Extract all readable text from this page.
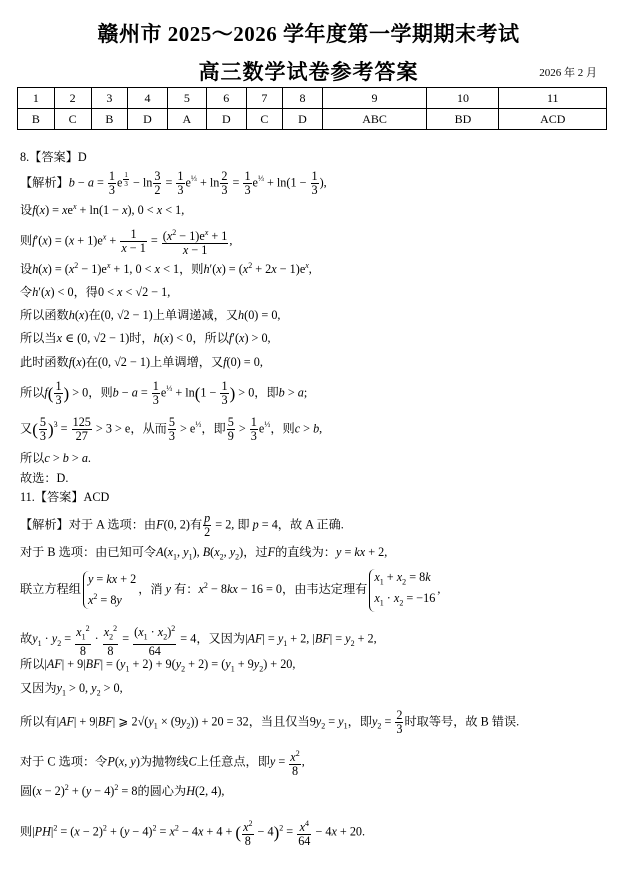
赣州市 2025～2026 学年度第一学期期末考试
高三数学试卷参考答案	2026 年 2 月
1	2	3	4	5	6	7	8	9	10	11
B	C	B	D	A	D	C	D	ABC	BD	ACD
8.【答案】D
【解析】$b - a = \frac{1}{3}$ e $^{\frac{1}{3}} - \ln \frac{3}{2} = \frac{1}{3} e^{\frac{1}{3}} + \ln \frac{2}{3} = \frac{1}{3} e^{\frac{1}{3}} + \ln(1 - \frac{1}{3}$ ),
设$f(x) = xe^x + \ln(1 - x)$, 0 < x < 1,
则$f'(x) = (x + 1)e^x + \frac{1}{x - 1} = \frac{(x^2 - 1)e^x + 1}{x - 1}$ ,
设$h(x) = (x^2 - 1)e^x + 1$, 0 < x < 1，则$h'(x) = (x^2 + 2x - 1)e^x$,
令h′(x) < 0，得0 < x < √2 − 1,
所以函数h(x)在(0, √2 − 1)上单调递减，又h(0) = 0,
所以当x ∈ (0, √2 − 1)时，h(x) < 0，所以f′(x) > 0,
此时函数f(x)在(0, √2 − 1)上单调增，又f(0) = 0,
所以$f( \frac{1}{3}$ ) > 0，则$b - a = \frac{1}{3} e^{\frac{1}{3}} + \ln(1 - \frac{1}{3}$ ) > 0，即b > a;
又( $\frac{5}{3} )^3 = \frac{125}{27} > 3 > e$，从而 $\frac{5}{3} > e^{\frac{1}{3}}$，即 $\frac{5}{9} > \frac{1}{3} e^{\frac{1}{3}}$，则c > b,
所以c > b > a.
故选：D.
11.【答案】ACD
【解析】对于 A 选项：由F(0, 2)有 $\frac{p}{2} = 2$, 即 p = 4，故 A 正确.
对于 B 选项：由已知可令$A(x_1$, $y_1$), $B(x_2$, $y_2$)，过F的直线为：y = kx + 2,
联立方程组y = kx + 2
$x^2 = 8y$，消 y 有：$x^2 - 8kx - 16 = 0$，由韦达定理有$x_1 + x_2 = 8k$
$x_1 \cdot x_2 = -16$,
故$y_1 \cdot y_2 = \frac{x_1^2}{8} \cdot \frac{x_2^2}{8} = \frac{(x_1 \cdot x_2)^2}{64} = 4$，又因为$|AF| = y_1 + 2$, $|BF| = y_2 + 2$,
所以$|AF| + 9|BF| = (y_1 + 2) + 9(y_2 + 2) = (y_1 + 9y_2) + 20$,
又因为$y_1 > 0$, $y_2 > 0$,
所以有|AF| + 9|BF| ⩾ $2√(y_1 \times (9y_2)) + 20 = 32$，当且仅当$9y_2 = y_1$，即$y_2 = \frac{2}{3}$ 时取等号，故 B 错误.
对于 C 选项：令P(x, y)为抛物线C上任意点，即$y = \frac{x^2}{8}$ ,
圆$(x - 2)^2 + (y - 4)^2 = 8$的圆心为H(2, 4),
则$|PH|^2 = (x - 2)^2 + (y - 4)^2 = x^2 - 4x + 4$ + ( $\frac{x^2}{8} - 4)^2 = \frac{x^4}{64} - 4x + 20$.
